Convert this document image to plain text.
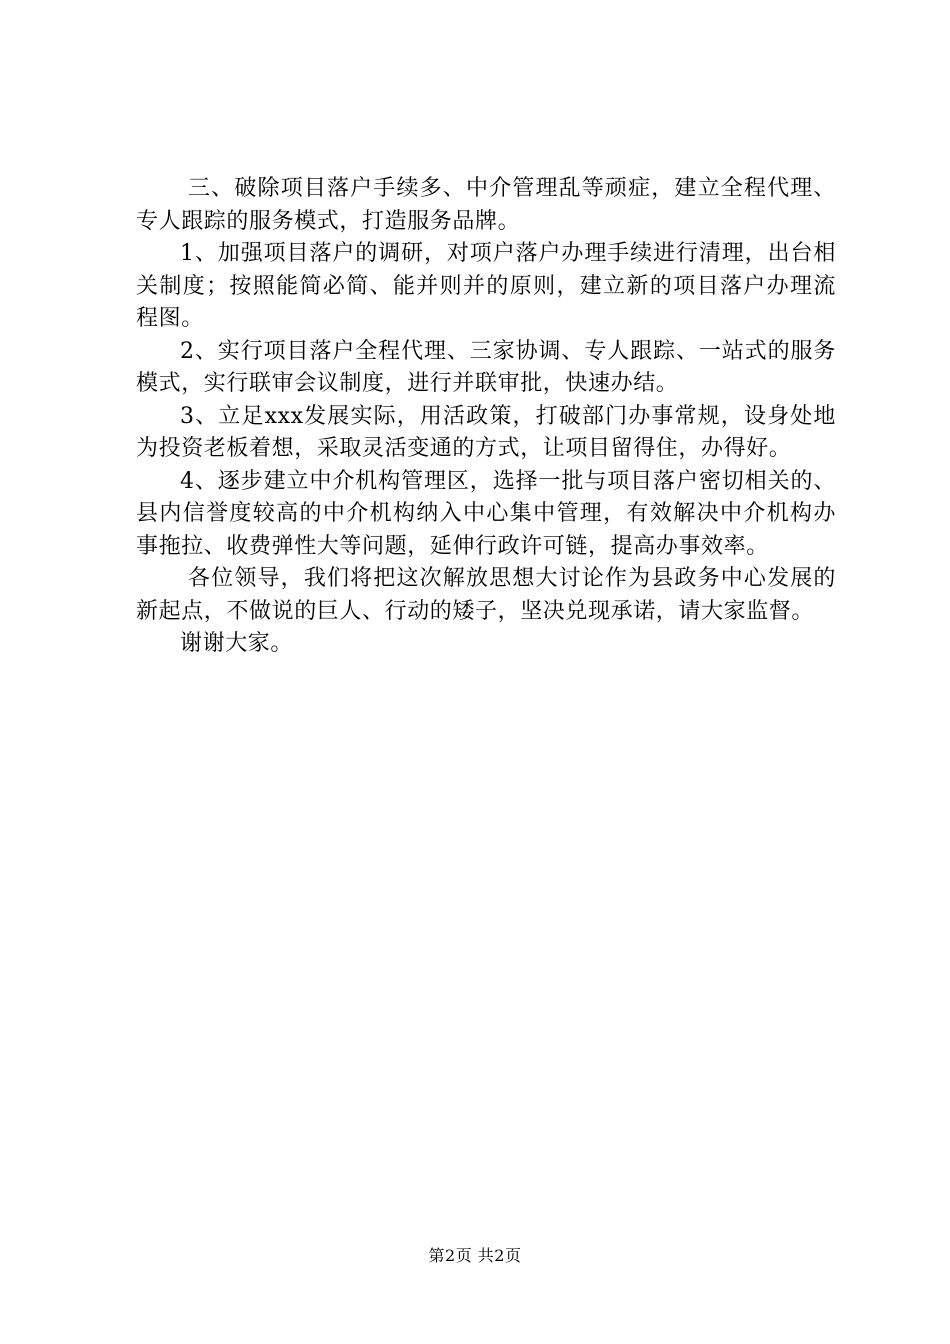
三、破除项目落户手续多、中介管理乱等顽症，建立全程代理、专人跟踪的服务模式，打造服务品牌。

1、加强项目落户的调研，对项户落户办理手续进行清理，出台相关制度；按照能简必简、能并则并的原则，建立新的项目落户办理流程图。

2、实行项目落户全程代理、三家协调、专人跟踪、一站式的服务模式，实行联审会议制度，进行并联审批，快速办结。

3、立足xxx发展实际，用活政策，打破部门办事常规，设身处地为投资老板着想，采取灵活变通的方式，让项目留得住，办得好。

4、逐步建立中介机构管理区，选择一批与项目落户密切相关的、县内信誉度较高的中介机构纳入中心集中管理，有效解决中介机构办事拖拉、收费弹性大等问题，延伸行政许可链，提高办事效率。

各位领导，我们将把这次解放思想大讨论作为县政务中心发展的新起点，不做说的巨人、行动的矮子，坚决兑现承诺，请大家监督。

谢谢大家。

第2页 共2页
